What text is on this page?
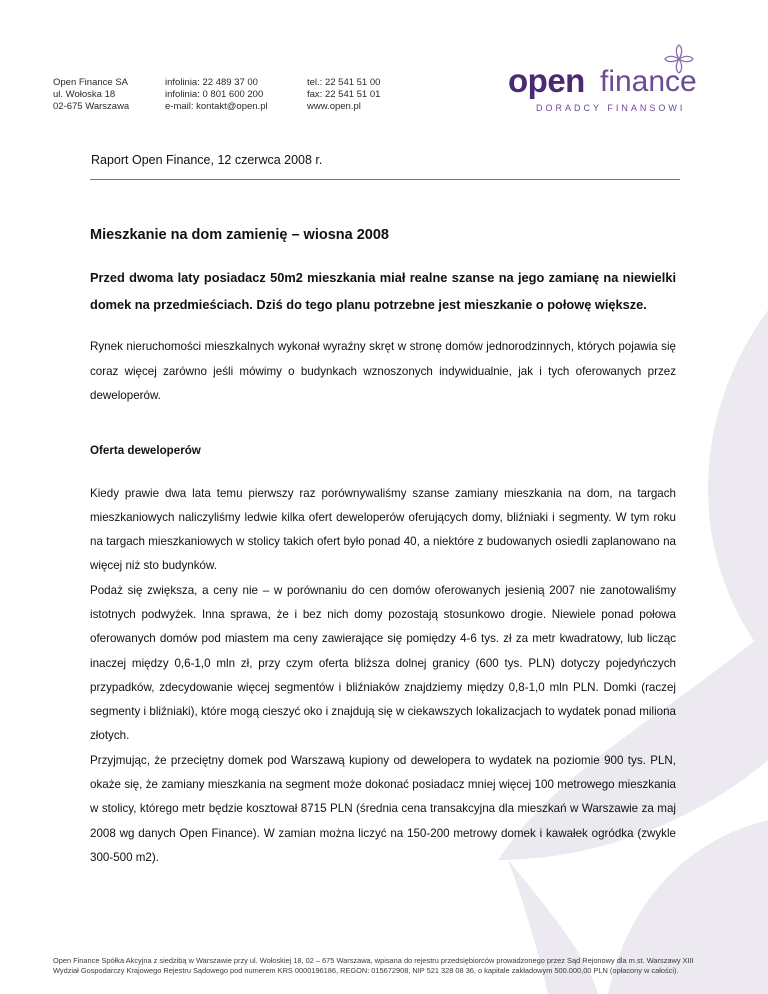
Open Finance SA
ul. Wołoska 18
02-675 Warszawa
infolinia: 22 489 37 00
infolinia: 0 801 600 200
e-mail: kontakt@open.pl
tel.: 22 541 51 00
fax: 22 541 51 01
www.open.pl
open finance
DORADCY FINANSOWI
Raport Open Finance, 12 czerwca 2008 r.
Mieszkanie na dom zamienię – wiosna 2008

Przed dwoma laty posiadacz 50m2 mieszkania miał realne szanse na jego zamianę na niewielki domek na przedmieściach. Dziś do tego planu potrzebne jest mieszkanie o połowę większe.

Rynek nieruchomości mieszkalnych wykonał wyraźny skręt w stronę domów jednorodzinnych, których pojawia się coraz więcej zarówno jeśli mówimy o budynkach wznoszonych indywidualnie, jak i tych oferowanych przez deweloperów.

Oferta deweloperów

Kiedy prawie dwa lata temu pierwszy raz porównywaliśmy szanse zamiany mieszkania na dom, na targach mieszkaniowych naliczyliśmy ledwie kilka ofert deweloperów oferujących domy, bliźniaki i segmenty. W tym roku na targach mieszkaniowych w stolicy takich ofert było ponad 40, a niektóre z budowanych osiedli zaplanowano na więcej niż sto budynków.

Podaż się zwiększa, a ceny nie – w porównaniu do cen domów oferowanych jesienią 2007 nie zanotowaliśmy istotnych podwyżek. Inna sprawa, że i bez nich domy pozostają stosunkowo drogie. Niewiele ponad połowa oferowanych domów pod miastem ma ceny zawierające się pomiędzy 4-6 tys. zł za metr kwadratowy, lub licząc inaczej między 0,6-1,0 mln zł, przy czym oferta bliższa dolnej granicy (600 tys. PLN) dotyczy pojedyńczych przypadków, zdecydowanie więcej segmentów i bliźniaków znajdziemy między 0,8-1,0 mln PLN. Domki (raczej segmenty i bliźniaki), które mogą cieszyć oko i znajdują się w ciekawszych lokalizacjach to wydatek ponad miliona złotych.

Przyjmując, że przeciętny domek pod Warszawą kupiony od dewelopera to wydatek na poziomie 900 tys. PLN, okaże się, że zamiany mieszkania na segment może dokonać posiadacz mniej więcej 100 metrowego mieszkania w stolicy, którego metr będzie kosztował 8715 PLN (średnia cena transakcyjna dla mieszkań w Warszawie za maj 2008 wg danych Open Finance). W zamian można liczyć na 150-200 metrowy domek i kawałek ogródka (zwykle 300-500 m2).

Open Finance Spółka Akcyjna z siedzibą w Warszawie przy ul. Wołoskiej 18, 02 – 675 Warszawa, wpisana do rejestru przedsiębiorców prowadzonego przez Sąd Rejonowy dla m.st. Warszawy XIII
Wydział Gospodarczy Krajowego Rejestru Sądowego pod numerem KRS 0000196186, REGON: 015672908, NIP 521 328 08 36, o kapitale zakładowym 500.000,00 PLN (opłacony w całości).
